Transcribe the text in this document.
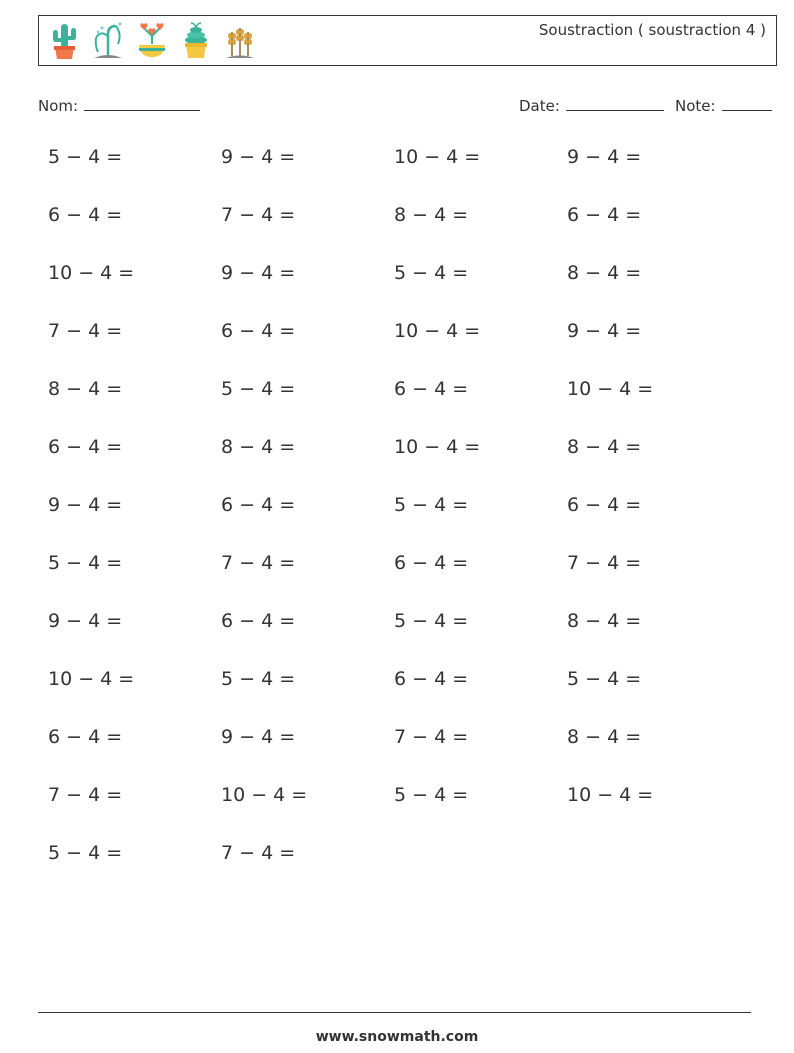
Soustraction ( soustraction 4 )
Nom:	Date:	Note:
5 − 4 =	9 − 4 =	10 − 4 =	9 − 4 =
6 − 4 =	7 − 4 =	8 − 4 =	6 − 4 =
10 − 4 =	9 − 4 =	5 − 4 =	8 − 4 =
7 − 4 =	6 − 4 =	10 − 4 =	9 − 4 =
8 − 4 =	5 − 4 =	6 − 4 =	10 − 4 =
6 − 4 =	8 − 4 =	10 − 4 =	8 − 4 =
9 − 4 =	6 − 4 =	5 − 4 =	6 − 4 =
5 − 4 =	7 − 4 =	6 − 4 =	7 − 4 =
9 − 4 =	6 − 4 =	5 − 4 =	8 − 4 =
10 − 4 =	5 − 4 =	6 − 4 =	5 − 4 =
6 − 4 =	9 − 4 =	7 − 4 =	8 − 4 =
7 − 4 =	10 − 4 =	5 − 4 =	10 − 4 =
5 − 4 =	7 − 4 =
www.snowmath.com
